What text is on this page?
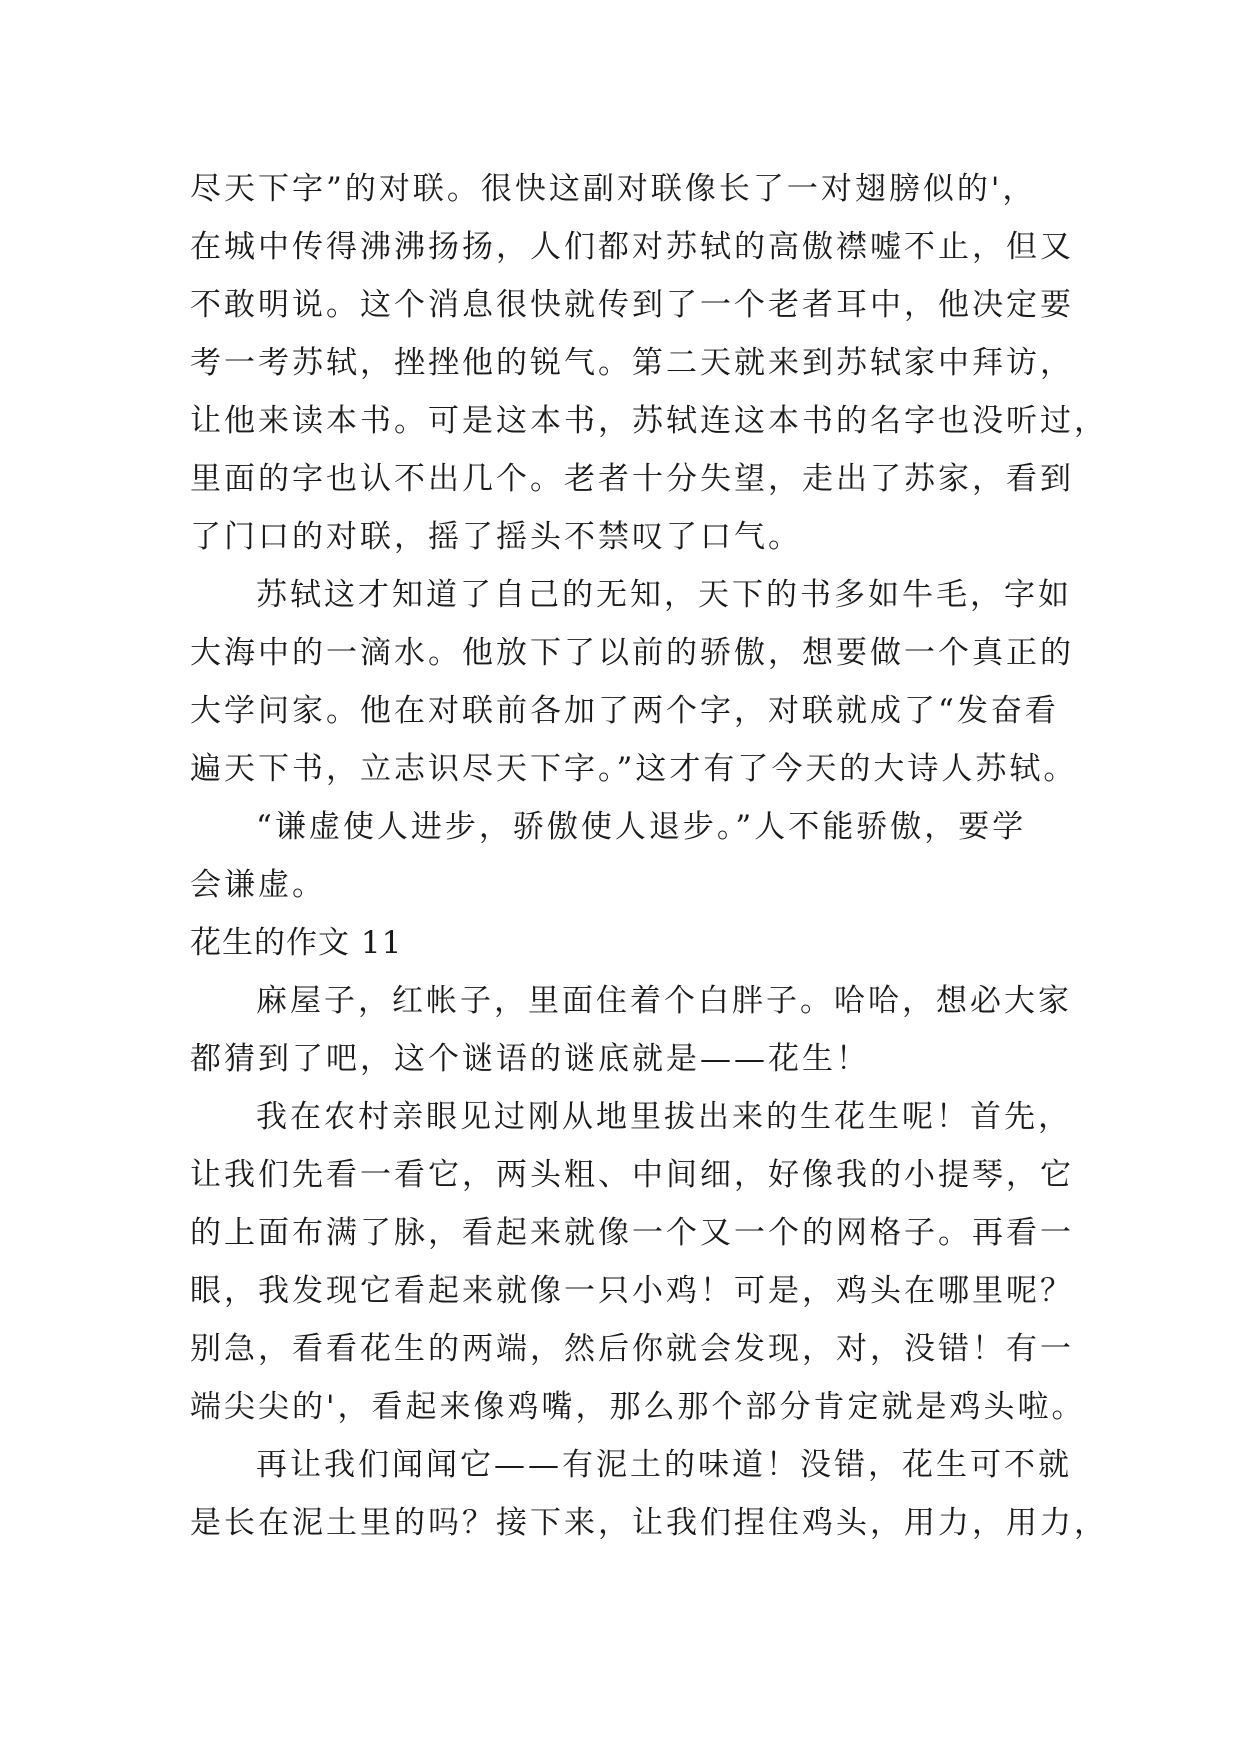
尽天下字”的对联。很快这副对联像长了一对翅膀似的'，
在城中传得沸沸扬扬，人们都对苏轼的高傲襟嘘不止，但又
不敢明说。这个消息很快就传到了一个老者耳中，他决定要
考一考苏轼，挫挫他的锐气。第二天就来到苏轼家中拜访，
让他来读本书。可是这本书，苏轼连这本书的名字也没听过，
里面的字也认不出几个。老者十分失望，走出了苏家，看到
了门口的对联，摇了摇头不禁叹了口气。
苏轼这才知道了自己的无知，天下的书多如牛毛，字如
大海中的一滴水。他放下了以前的骄傲，想要做一个真正的
大学问家。他在对联前各加了两个字，对联就成了“发奋看
遍天下书，立志识尽天下字。”这才有了今天的大诗人苏轼。
“谦虚使人进步，骄傲使人退步。”人不能骄傲，要学
会谦虚。
花生的作文 11
麻屋子，红帐子，里面住着个白胖子。哈哈，想必大家
都猜到了吧，这个谜语的谜底就是——花生！
我在农村亲眼见过刚从地里拔出来的生花生呢！首先，
让我们先看一看它，两头粗、中间细，好像我的小提琴，它
的上面布满了脉，看起来就像一个又一个的网格子。再看一
眼，我发现它看起来就像一只小鸡！可是，鸡头在哪里呢？
别急，看看花生的两端，然后你就会发现，对，没错！有一
端尖尖的'，看起来像鸡嘴，那么那个部分肯定就是鸡头啦。
再让我们闻闻它——有泥土的味道！没错，花生可不就
是长在泥土里的吗？接下来，让我们捏住鸡头，用力，用力，
